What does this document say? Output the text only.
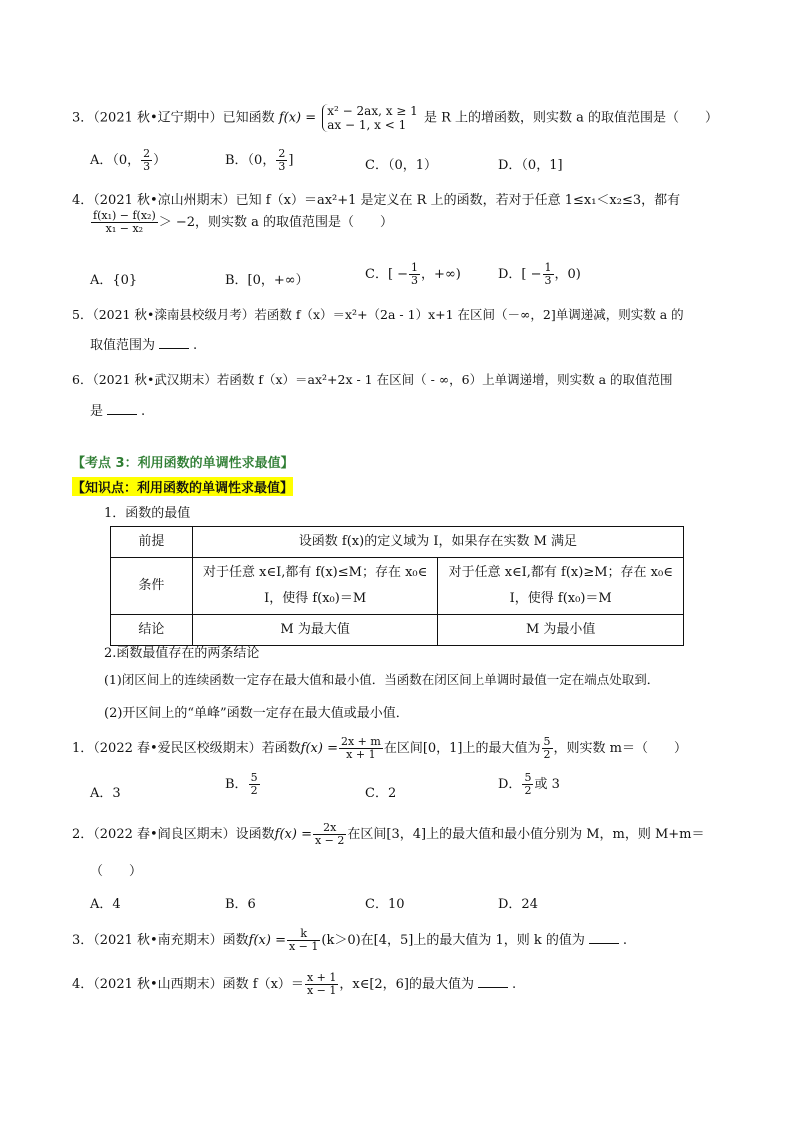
3．（2021 秋•辽宁期中）已知函数 f(x) = x² − 2ax, x ≥ 1
ax − 1, x < 1	是 R 上的增函数，则实数 a 的取值范围是（　　）
A．（0， $\frac{2}{3}$ ）	B．（0， $\frac{2}{3}$ ]	C．（0，1）	D．（0，1]
4．（2021 秋•凉山州期末）已知 f（x）＝ax²+1 是定义在 R 上的函数，若对于任意 1≤x₁＜x₂≤3，都有
$\frac{\text{f(x₁) − f(x₂)}}{\text{x₁ − x₂}} > -2$，则实数 a 的取值范围是（　　）
A．{0}	B．[0，+∞）	C．[ − $\frac{1}{3}$ ，+∞)	D．[ − $\frac{1}{3}$ ，0)
5．（2021 秋•滦南县校级月考）若函数 f（x）＝x²+（2a - 1）x+1 在区间（－∞，2]单调递减，则实数 a 的
取值范围为	.
6．（2021 秋•武汉期末）若函数 f（x）＝ax²+2x - 1 在区间（ - ∞，6）上单调递增，则实数 a 的取值范围
是	.
【考点 3：利用函数的单调性求最值】
【知识点：利用函数的单调性求最值】
1．函数的最值
前提	设函数 f(x)的定义域为 I，如果存在实数 M 满足	
条件	对于任意 x∈I,都有 f(x)≤M；存在 x₀∈
I，使得 f(x₀)＝M	对于任意 x∈I,都有 f(x)≥M；存在 x₀∈
I，使得 f(x₀)＝M

结论	M 为最大值	M 为最小值
2.函数最值存在的两条结论
(1)闭区间上的连续函数一定存在最大值和最小值．当函数在闭区间上单调时最值一定在端点处取到．
(2)开区间上的“单峰”函数一定存在最大值或最小值．
1．（2022 春•爱民区校级期末）若函数$f(x) = \frac{2x + m}{x + 1}$ 在区间[0，1]上的最大值为 $\frac{5}{2}$ ，则实数 m＝（　　）
A．3
B． $\frac{5}{2}$	C．2
D． $\frac{5}{2}$ 或 3
2．（2022 春•阎良区期末）设函数$f(x) = \frac{2x}{x - 2}$ 在区间[3，4]上的最大值和最小值分别为 M，m，则 M+m＝
（　　）
A．4	B．6	C．10	D．24
3．（2021 秋•南充期末）函数$f(x) = \frac{k}{x - 1} (k>0)$在[4，5]上的最大值为 1，则 k 的值为	.
4．（2021 秋•山西期末）函数 $f(x)= \frac{x + 1}{x - 1}$ ，x∈[2，6]的最大值为	.
